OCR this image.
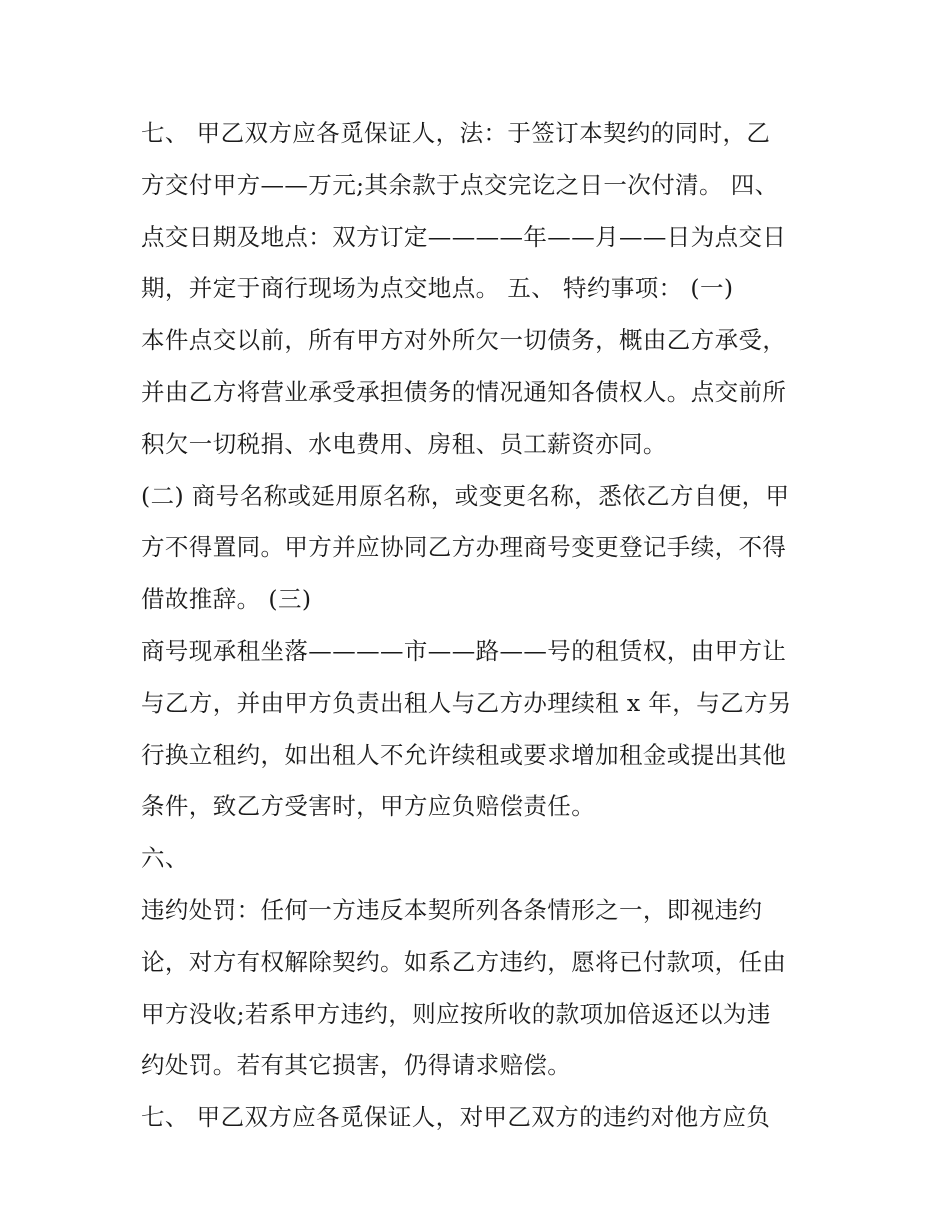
七、 甲乙双方应各觅保证人，法：于签订本契约的同时，乙
方交付甲方——万元;其余款于点交完讫之日一次付清。 四、
点交日期及地点：双方订定————年——月——日为点交日
期，并定于商行现场为点交地点。 五、 特约事项： (一)
本件点交以前，所有甲方对外所欠一切债务，概由乙方承受，
并由乙方将营业承受承担债务的情况通知各债权人。点交前所
积欠一切税捐、水电费用、房租、员工薪资亦同。
(二) 商号名称或延用原名称，或变更名称，悉依乙方自便，甲
方不得置同。甲方并应协同乙方办理商号变更登记手续，不得
借故推辞。 (三)
商号现承租坐落————市——路——号的租赁权，由甲方让
与乙方，并由甲方负责出租人与乙方办理续租 x 年，与乙方另
行换立租约，如出租人不允许续租或要求增加租金或提出其他
条件，致乙方受害时，甲方应负赔偿责任。
六、
违约处罚：任何一方违反本契所列各条情形之一，即视违约
论，对方有权解除契约。如系乙方违约，愿将已付款项，任由
甲方没收;若系甲方违约，则应按所收的款项加倍返还以为违
约处罚。若有其它损害，仍得请求赔偿。
七、 甲乙双方应各觅保证人，对甲乙双方的违约对他方应负
